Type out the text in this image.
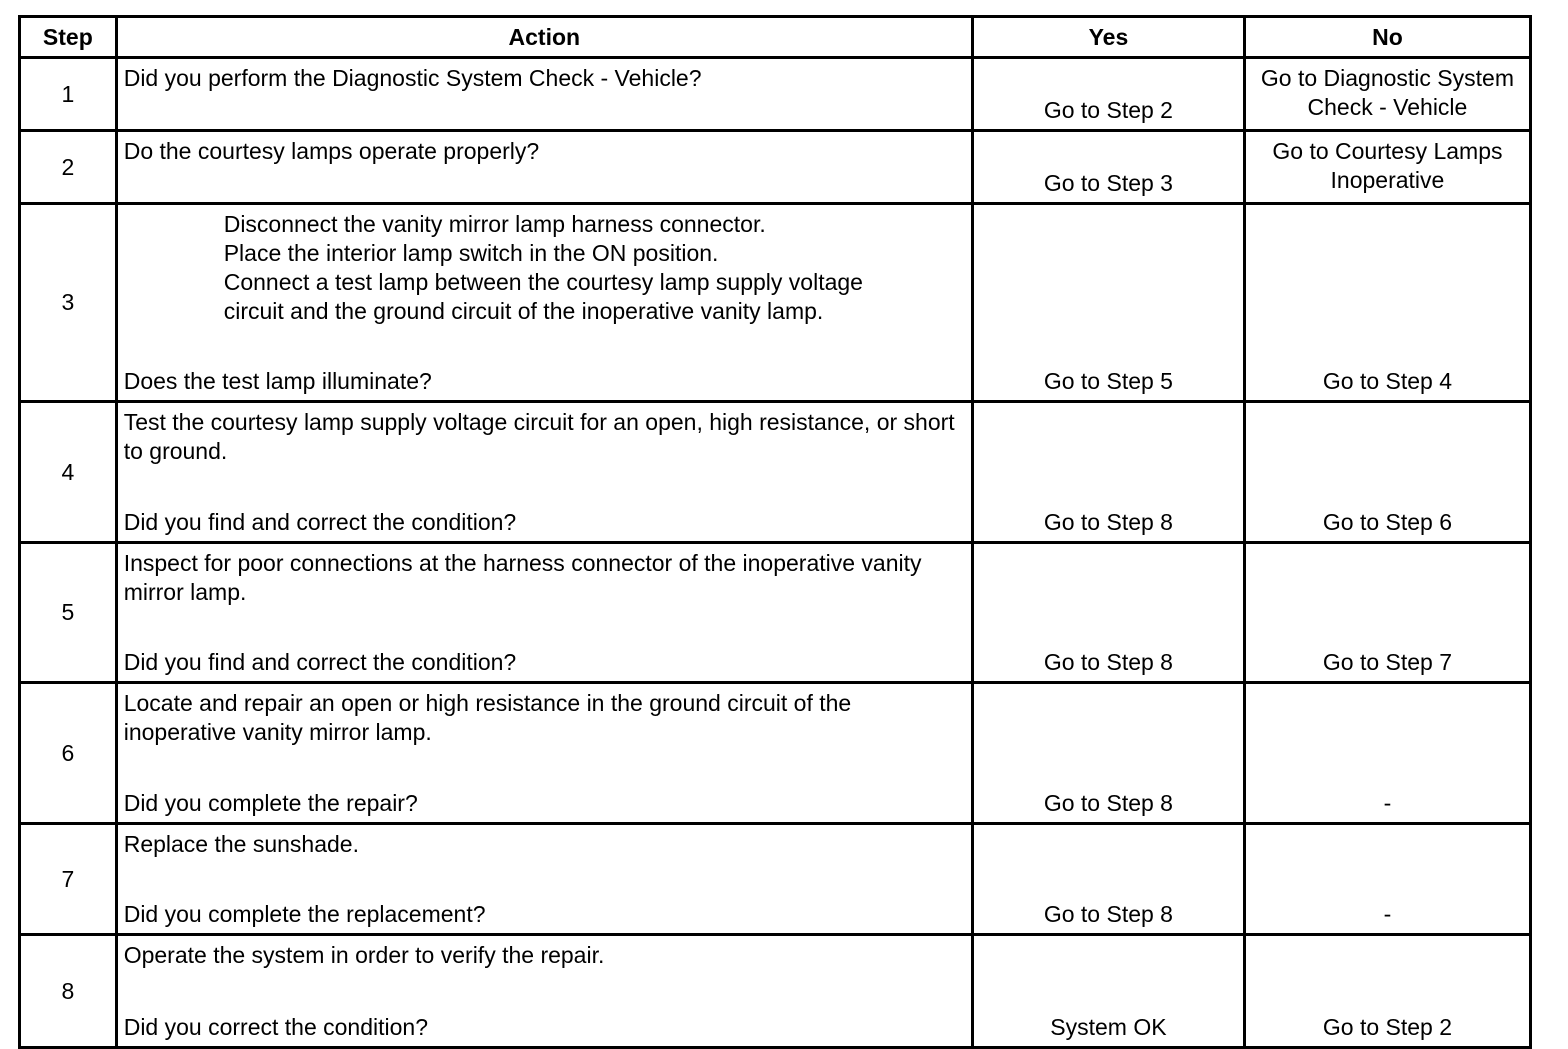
Step	Action	Yes	No
1	Did you perform the Diagnostic System Check - Vehicle?	Go to Step 2	Go to Diagnostic System Check - Vehicle

2	Do the courtesy lamps operate properly?	Go to Step 3	Go to Courtesy Lamps Inoperative

3	Disconnect the vanity mirror lamp harness connector.
Place the interior lamp switch in the ON position.
Connect a test lamp between the courtesy lamp supply voltage circuit and the ground circuit of the inoperative vanity lamp.
Does the test lamp illuminate?	Go to Step 5	Go to Step 4

4	Test the courtesy lamp supply voltage circuit for an open, high resistance, or short to ground.
Did you find and correct the condition?	Go to Step 8	Go to Step 6

5	Inspect for poor connections at the harness connector of the inoperative vanity mirror lamp.
Did you find and correct the condition?	Go to Step 8	Go to Step 7

6	Locate and repair an open or high resistance in the ground circuit of the inoperative vanity mirror lamp.
Did you complete the repair?	Go to Step 8	-

7	Replace the sunshade.
Did you complete the replacement?	Go to Step 8	-

8	Operate the system in order to verify the repair.
Did you correct the condition?	System OK	Go to Step 2
